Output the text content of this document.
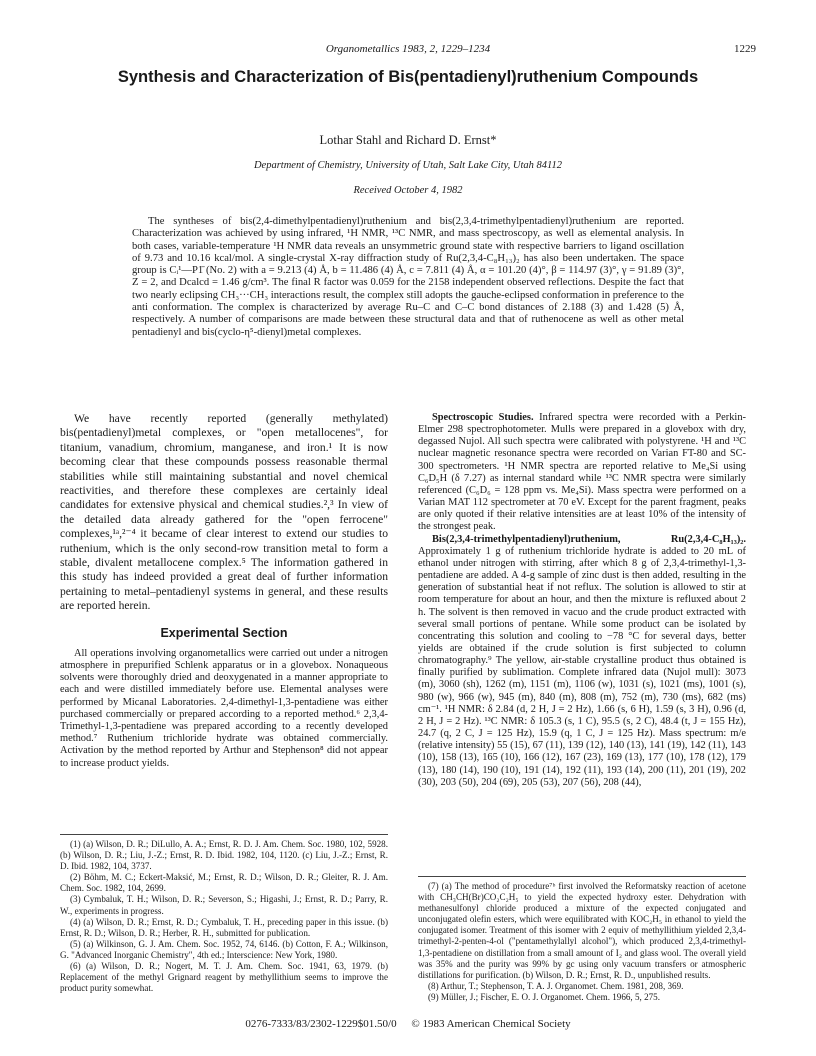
Organometallics 1983, 2, 1229–1234	1229
Synthesis and Characterization of Bis(pentadienyl)ruthenium Compounds
Lothar Stahl and Richard D. Ernst*
Department of Chemistry, University of Utah, Salt Lake City, Utah 84112
Received October 4, 1982

The syntheses of bis(2,4-dimethylpentadienyl)ruthenium and bis(2,3,4-trimethylpentadienyl)ruthenium are reported. Characterization was achieved by using infrared, ¹H NMR, ¹³C NMR, and mass spectroscopy, as well as elemental analysis. In both cases, variable-temperature ¹H NMR data reveals an unsymmetric ground state with respective barriers to ligand oscillation of 9.73 and 10.16 kcal/mol. A single-crystal X-ray diffraction study of Ru(2,3,4-C₈H₁₃)₂ has also been undertaken. The space group is Cᵢ¹—P1̄ (No. 2) with a = 9.213 (4) Å, b = 11.486 (4) Å, c = 7.811 (4) Å, α = 101.20 (4)°, β = 114.97 (3)°, γ = 91.89 (3)°, Z = 2, and Dcalcd = 1.46 g/cm³. The final R factor was 0.059 for the 2158 independent observed reflections. Despite the fact that two nearly eclipsing CH₃···CH₃ interactions result, the complex still adopts the gauche-eclipsed conformation in preference to the anti conformation. The complex is characterized by average Ru–C and C–C bond distances of 2.188 (3) and 1.428 (5) Å, respectively. A number of comparisons are made between these structural data and that of ruthenocene as well as other metal pentadienyl and bis(cyclo-η⁵-dienyl)metal complexes.

We have recently reported (generally methylated) bis(pentadienyl)metal complexes, or "open metallocenes", for titanium, vanadium, chromium, manganese, and iron.¹ It is now becoming clear that these compounds possess reasonable thermal stabilities while still maintaining substantial and novel chemical reactivities, and therefore these complexes are certainly ideal candidates for extensive physical and chemical studies.²,³ In view of the detailed data already gathered for the "open ferrocene" complexes,¹ᵃ,²⁻⁴ it became of clear interest to extend our studies to ruthenium, which is the only second-row transition metal to form a stable, divalent metallocene complex.⁵ The information gathered in this study has indeed provided a great deal of further information pertaining to metal–pentadienyl systems in general, and these results are reported herein.

Experimental Section

All operations involving organometallics were carried out under a nitrogen atmosphere in prepurified Schlenk apparatus or in a glovebox. Nonaqueous solvents were thoroughly dried and deoxygenated in a manner appropriate to each and were distilled immediately before use. Elemental analyses were performed by Micanal Laboratories. 2,4-dimethyl-1,3-pentadiene was either purchased commercially or prepared according to a reported method.⁶ 2,3,4-Trimethyl-1,3-pentadiene was prepared according to a recently developed method.⁷ Ruthenium trichloride hydrate was obtained commercially. Activation by the method reported by Arthur and Stephenson⁸ did not appear to increase product yields.

Spectroscopic Studies. Infrared spectra were recorded with a Perkin-Elmer 298 spectrophotometer. Mulls were prepared in a glovebox with dry, degassed Nujol. All such spectra were calibrated with polystyrene. ¹H and ¹³C nuclear magnetic resonance spectra were recorded on Varian FT-80 and SC-300 spectrometers. ¹H NMR spectra are reported relative to Me₄Si using C₆D₅H (δ 7.27) as internal standard while ¹³C NMR spectra were similarly referenced (C₆D₆ = 128 ppm vs. Me₄Si). Mass spectra were performed on a Varian MAT 112 spectrometer at 70 eV. Except for the parent fragment, peaks are only quoted if their relative intensities are at least 10% of the intensity of the strongest peak.

Bis(2,3,4-trimethylpentadienyl)ruthenium, Ru(2,3,4-C₈H₁₃)₂. Approximately 1 g of ruthenium trichloride hydrate is added to 20 mL of ethanol under nitrogen with stirring, after which 8 g of 2,3,4-trimethyl-1,3-pentadiene are added. A 4-g sample of zinc dust is then added, resulting in the generation of substantial heat if not reflux. The solution is allowed to stir at room temperature for about an hour, and then the mixture is refluxed about 2 h. The solvent is then removed in vacuo and the crude product extracted with several small portions of pentane. While some product can be isolated by concentrating this solution and cooling to −78 °C for several days, better yields are obtained if the crude solution is first subjected to column chromatography.⁹ The yellow, air-stable crystalline product thus obtained is finally purified by sublimation. Complete infrared data (Nujol mull): 3073 (m), 3060 (sh), 1262 (m), 1151 (m), 1106 (w), 1031 (s), 1021 (ms), 1001 (s), 980 (w), 966 (w), 945 (m), 840 (m), 808 (m), 752 (m), 730 (ms), 682 (ms) cm⁻¹. ¹H NMR: δ 2.84 (d, 2 H, J = 2 Hz), 1.66 (s, 6 H), 1.59 (s, 3 H), 0.96 (d, 2 H, J = 2 Hz). ¹³C NMR: δ 105.3 (s, 1 C), 95.5 (s, 2 C), 48.4 (t, J = 155 Hz), 24.7 (q, 2 C, J = 125 Hz), 15.9 (q, 1 C, J = 125 Hz). Mass spectrum: m/e (relative intensity) 55 (15), 67 (11), 139 (12), 140 (13), 141 (19), 142 (11), 143 (10), 158 (13), 165 (10), 166 (12), 167 (23), 169 (13), 177 (10), 178 (12), 179 (13), 180 (14), 190 (10), 191 (14), 192 (11), 193 (14), 200 (11), 201 (19), 202 (30), 203 (50), 204 (69), 205 (53), 207 (56), 208 (44),

(1) (a) Wilson, D. R.; DiLullo, A. A.; Ernst, R. D. J. Am. Chem. Soc. 1980, 102, 5928. (b) Wilson, D. R.; Liu, J.-Z.; Ernst, R. D. Ibid. 1982, 104, 1120. (c) Liu, J.-Z.; Ernst, R. D. Ibid. 1982, 104, 3737.

(2) Böhm, M. C.; Eckert-Maksić, M.; Ernst, R. D.; Wilson, D. R.; Gleiter, R. J. Am. Chem. Soc. 1982, 104, 2699.

(3) Cymbaluk, T. H.; Wilson, D. R.; Severson, S.; Higashi, J.; Ernst, R. D.; Parry, R. W., experiments in progress.

(4) (a) Wilson, D. R.; Ernst, R. D.; Cymbaluk, T. H., preceding paper in this issue. (b) Ernst, R. D.; Wilson, D. R.; Herber, R. H., submitted for publication.

(5) (a) Wilkinson, G. J. Am. Chem. Soc. 1952, 74, 6146. (b) Cotton, F. A.; Wilkinson, G. "Advanced Inorganic Chemistry", 4th ed.; Interscience: New York, 1980.

(6) (a) Wilson, D. R.; Nogert, M. T. J. Am. Chem. Soc. 1941, 63, 1979. (b) Replacement of the methyl Grignard reagent by methyllithium seems to improve the product purity somewhat.

(7) (a) The method of procedure⁷ᵇ first involved the Reformatsky reaction of acetone with CH₃CH(Br)CO₂C₂H₅ to yield the expected hydroxy ester. Dehydration with methanesulfonyl chloride produced a mixture of the expected conjugated and unconjugated olefin esters, which were equilibrated with KOC₂H₅ in ethanol to yield the conjugated isomer. Treatment of this isomer with 2 equiv of methyllithium yielded 2,3,4-trimethyl-2-penten-4-ol ("pentamethylallyl alcohol"), which produced 2,3,4-trimethyl-1,3-pentadiene on distillation from a small amount of I₂ and glass wool. The overall yield was 35% and the purity was 99% by gc using only vacuum transfers or atmospheric distillations for purification. (b) Wilson, D. R.; Ernst, R. D., unpublished results.

(8) Arthur, T.; Stephenson, T. A. J. Organomet. Chem. 1981, 208, 369.

(9) Müller, J.; Fischer, E. O. J. Organomet. Chem. 1966, 5, 275.

0276-7333/83/2302-1229$01.50/0 © 1983 American Chemical Society
